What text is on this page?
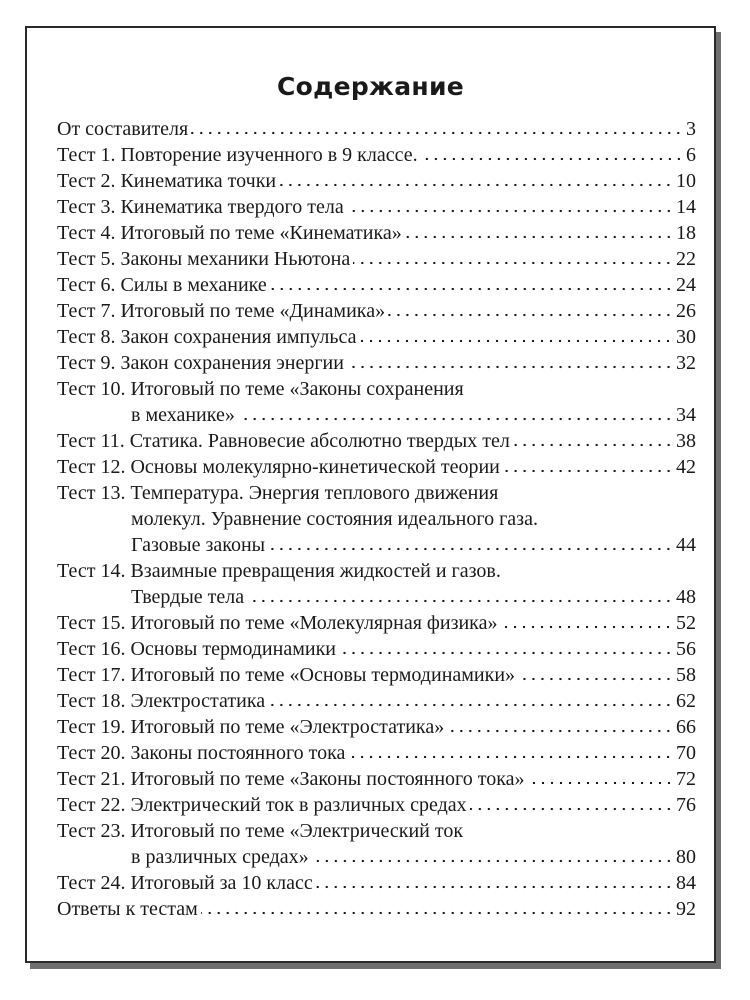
Содержание
От составителя	3
Тест 1. Повторение изученного в 9 классе.	6
Тест 2. Кинематика точки	10
Тест 3. Кинематика твердого тела	14
Тест 4. Итоговый по теме «Кинематика»	18
Тест 5. Законы механики Ньютона	22
Тест 6. Силы в механике	24
Тест 7. Итоговый по теме «Динамика»	26
Тест 8. Закон сохранения импульса	30
Тест 9. Закон сохранения энергии	32
Тест 10. Итоговый по теме «Законы сохранения
в механике»	34
Тест 11. Статика. Равновесие абсолютно твердых тел	38
Тест 12. Основы молекулярно-кинетической теории	42
Тест 13. Температура. Энергия теплового движения
молекул. Уравнение состояния идеального газа.
Газовые законы	44
Тест 14. Взаимные превращения жидкостей и газов.
Твердые тела	48
Тест 15. Итоговый по теме «Молекулярная физика»	52
Тест 16. Основы термодинамики	56
Тест 17. Итоговый по теме «Основы термодинамики»	58
Тест 18. Электростатика	62
Тест 19. Итоговый по теме «Электростатика»	66
Тест 20. Законы постоянного тока	70
Тест 21. Итоговый по теме «Законы постоянного тока»	72
Тест 22. Электрический ток в различных средах	76
Тест 23. Итоговый по теме «Электрический ток
в различных средах»	80
Тест 24. Итоговый за 10 класс	84
Ответы к тестам	92
